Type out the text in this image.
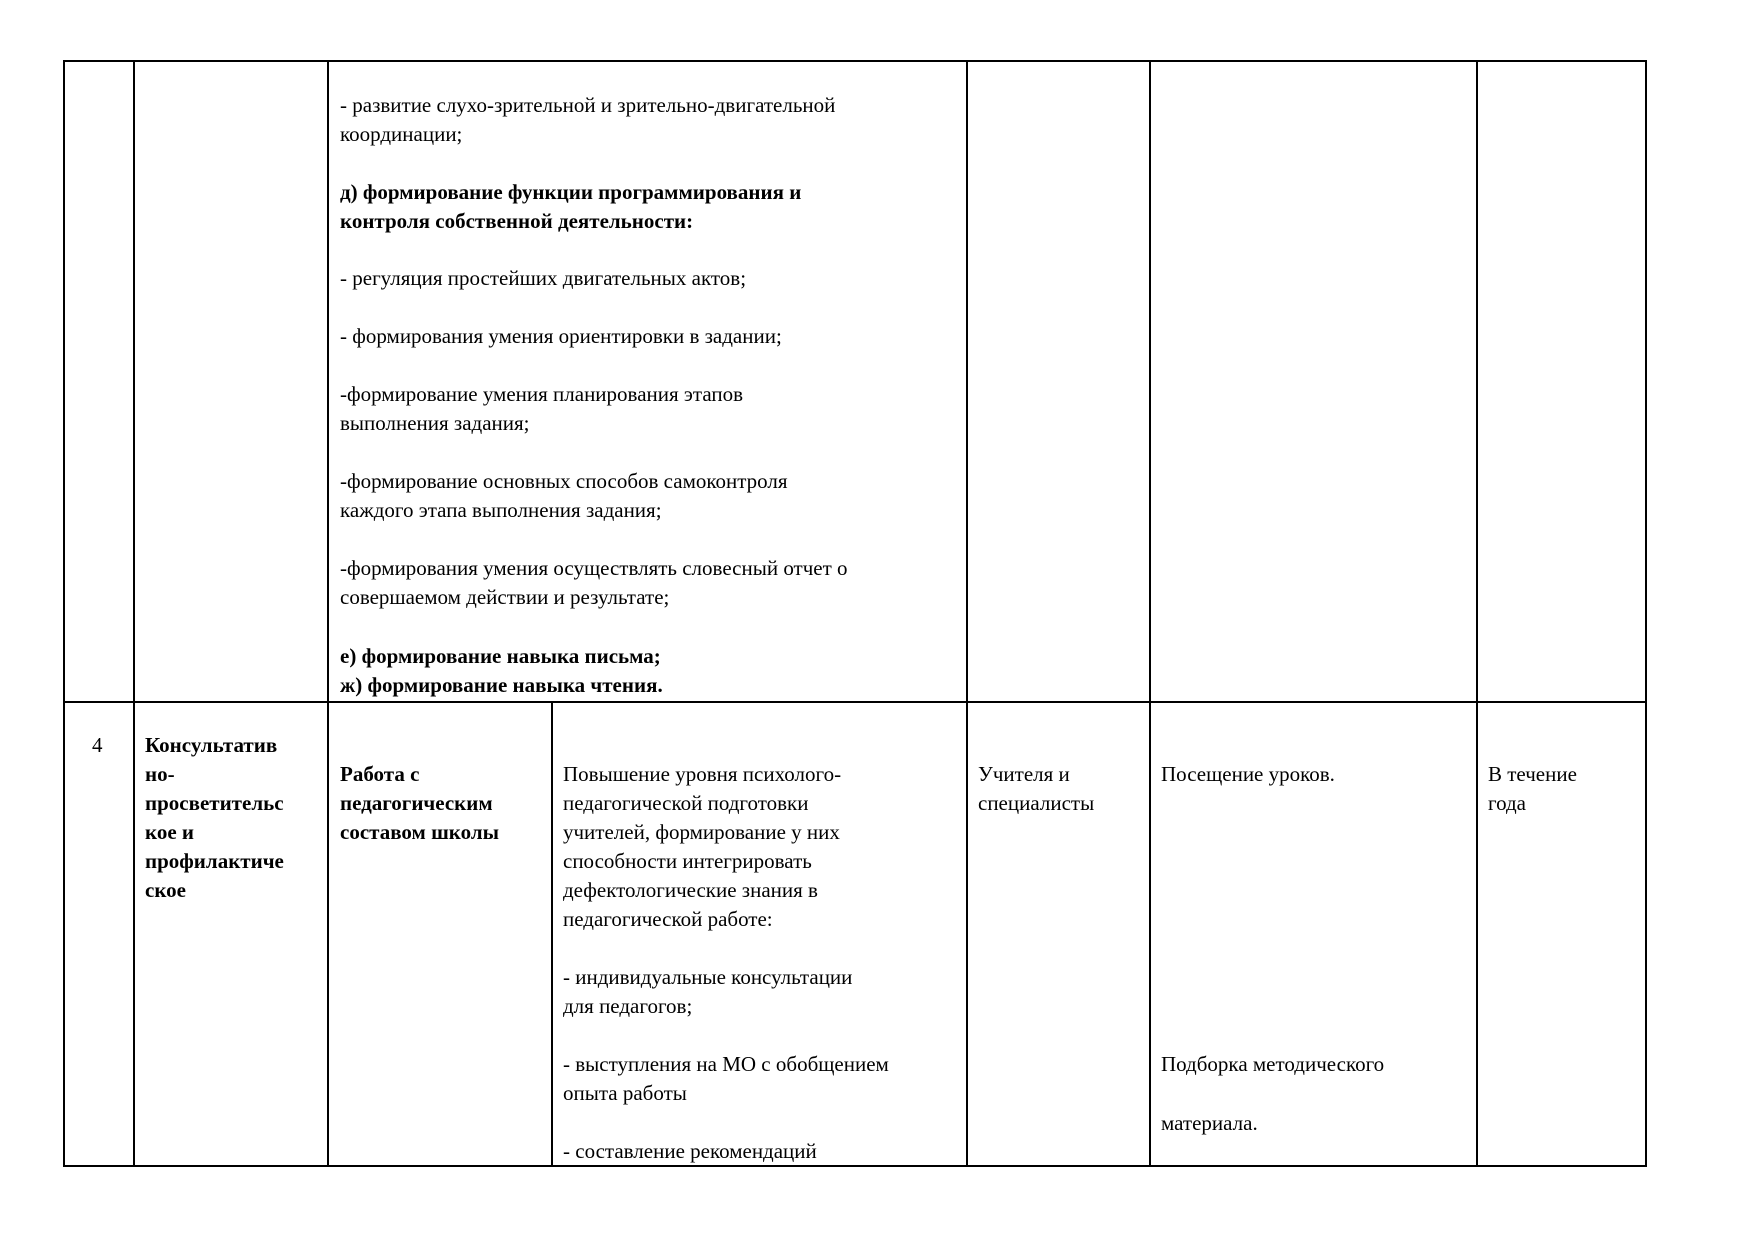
- развитие слухо-зрительной и зрительно-двигательной
координации;
д) формирование функции программирования и
контроля собственной деятельности:
- регуляция простейших двигательных актов;
- формирования умения ориентировки в задании;
-формирование умения планирования этапов
выполнения задания;
-формирование основных способов самоконтроля
каждого этапа выполнения задания;
-формирования умения осуществлять словесный отчет о
совершаемом действии и результате;
е) формирование навыка письма;
ж) формирование навыка чтения.
4 Консультатив
но-
просветительс
кое и
профилактиче
ское
Работа с
педагогическим
составом школы
Повышение уровня психолого-
педагогической подготовки
учителей, формирование у них
способности интегрировать
дефектологические знания в
педагогической работе:
- индивидуальные консультации
для педагогов;
- выступления на МО с обобщением
опыта работы
- составление рекомендаций
Учителя и
специалисты
Посещение уроков.
Подборка методического
материала.
В течение
года
